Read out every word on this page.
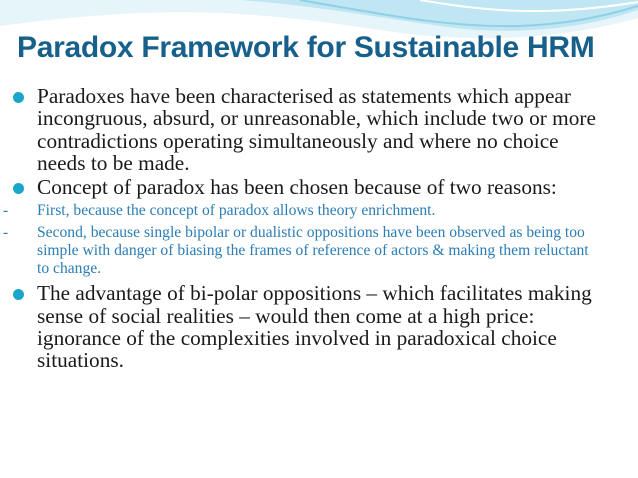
Paradox Framework for Sustainable HRM
Paradoxes have been characterised as statements which appear incongruous, absurd, or unreasonable, which include two or more contradictions operating simultaneously and where no choice needs to be made.
Concept of paradox has been chosen because of two reasons:
- First, because the concept of paradox allows theory enrichment.
- Second, because single bipolar or dualistic oppositions have been observed as being too simple with danger of biasing the frames of reference of actors & making them reluctant to change.
The advantage of bi-polar oppositions – which facilitates making sense of social realities – would then come at a high price: ignorance of the complexities involved in paradoxical choice situations.
